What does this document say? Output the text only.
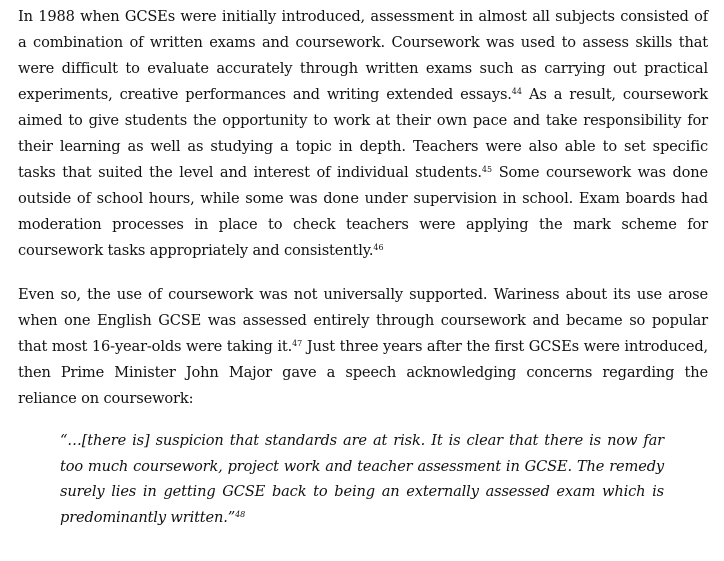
In 1988 when GCSEs were initially introduced, assessment in almost all subjects consisted of a combination of written exams and coursework. Coursework was used to assess skills that were difficult to evaluate accurately through written exams such as carrying out practical experiments, creative performances and writing extended essays.$^{44}$ As a result, coursework aimed to give students the opportunity to work at their own pace and take responsibility for their learning as well as studying a topic in depth. Teachers were also able to set specific tasks that suited the level and interest of individual students.$^{45}$ Some coursework was done outside of school hours, while some was done under supervision in school. Exam boards had moderation processes in place to check teachers were applying the mark scheme for coursework tasks appropriately and consistently.$^{46}$

Even so, the use of coursework was not universally supported. Wariness about its use arose when one English GCSE was assessed entirely through coursework and became so popular that most 16-year-olds were taking it.$^{47}$ Just three years after the first GCSEs were introduced, then Prime Minister John Major gave a speech acknowledging concerns regarding the reliance on coursework:

“…[there is] suspicion that standards are at risk. It is clear that there is now far too much coursework, project work and teacher assessment in GCSE. The remedy surely lies in getting GCSE back to being an externally assessed exam which is predominantly written.”$^{48}$
